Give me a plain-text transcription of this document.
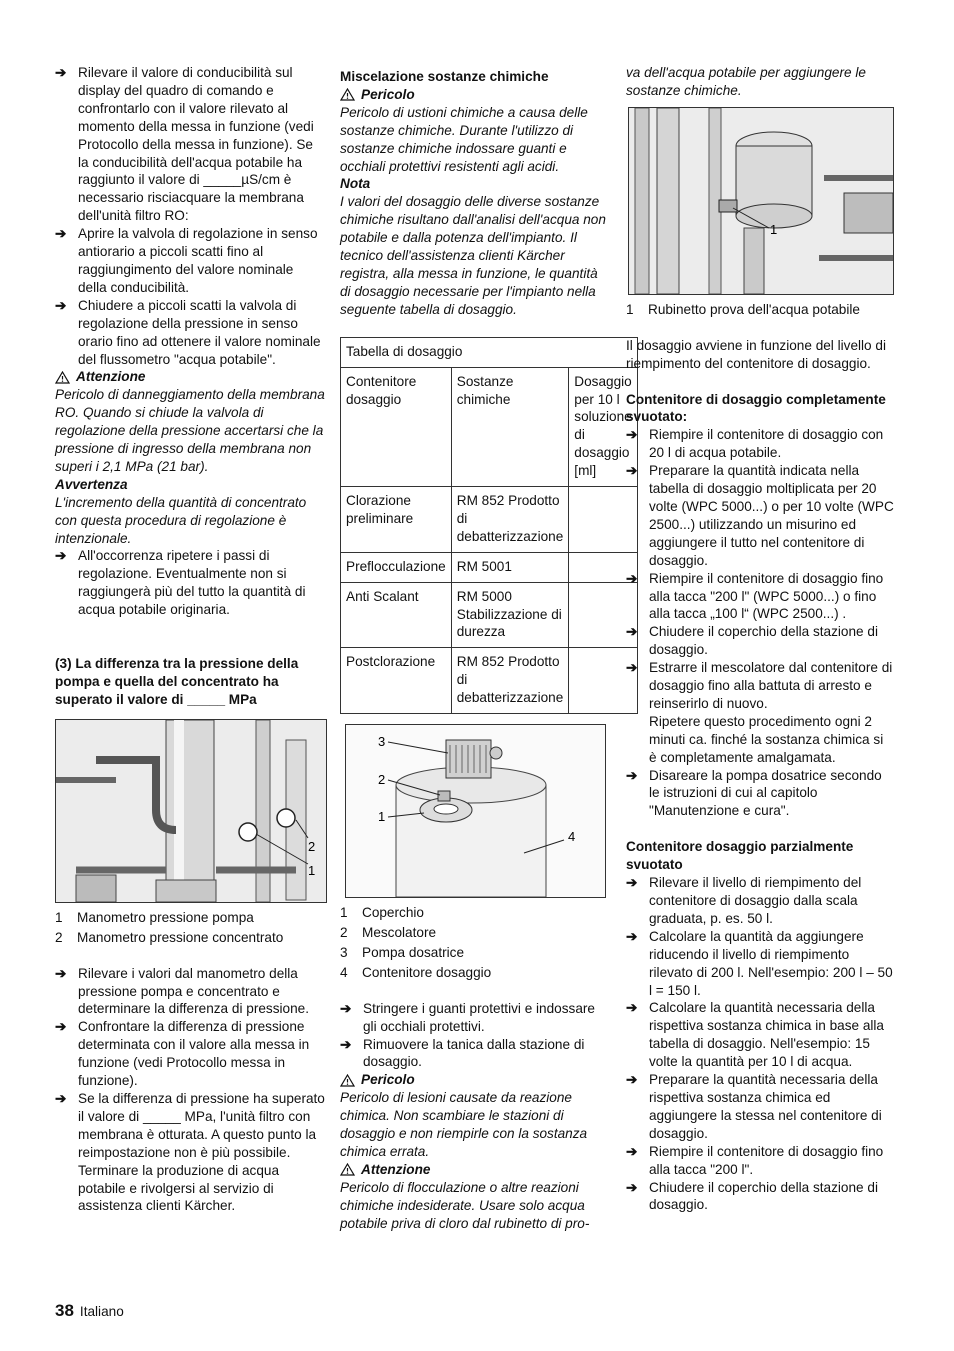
➔ Rilevare il valore di conducibilità sul display del quadro di comando e confrontarlo con il valore rilevato al momento della messa in funzione (vedi Protocollo della messa in funzione). Se la conducibilità dell'acqua potabile ha raggiunto il valore di _____µS/cm è necessario risciacquare la membrana dell'unità filtro RO:
➔ Aprire la valvola di regolazione in senso antiorario a piccoli scatti fino al raggiungimento del valore nominale della conducibilità.
➔ Chiudere a piccoli scatti la valvola di regolazione della pressione in senso orario fino ad ottenere il valore nominale del flussometro "acqua potabile".
Attenzione

Pericolo di danneggiamento della membrana RO. Quando si chiude la valvola di regolazione della pressione accertarsi che la pressione di ingresso della membrana non superi i 2,1 MPa (21 bar).

Avvertenza

L'incremento della quantità di concentrato con questa procedura di regolazione è intenzionale.

➔ All'occorrenza ripetere i passi di regolazione. Eventualmente non si raggiungerà più del tutto la quantità di acqua potabile originaria.

(3) La differenza tra la pressione della pompa e quella del concentrato ha superato il valore di _____ MPa

2
1
1	Manometro pressione pompa
2	Manometro pressione concentrato
➔ Rilevare i valori dal manometro della pressione pompa e concentrato e determinare la differenza di pressione.
➔ Confrontare la differenza di pressione determinata con il valore alla messa in funzione (vedi Protocollo messa in funzione).
➔ Se la differenza di pressione ha superato il valore di _____ MPa, l'unità filtro con membrana è otturata. A questo punto la reimpostazione non è più possibile. Terminare la produzione di acqua potabile e rivolgersi al servizio di assistenza clienti Kärcher.

Miscelazione sostanze chimiche

Pericolo

Pericolo di ustioni chimiche a causa delle sostanze chimiche. Durante l'utilizzo di sostanze chimiche indossare guanti e occhiali protettivi resistenti agli acidi.

Nota

I valori del dosaggio delle diverse sostanze chimiche risultano dall'analisi dell'acqua non potabile e dalla potenza dell'impianto. Il tecnico dell'assistenza clienti Kärcher registra, alla messa in funzione, le quantità di dosaggio necessarie per l'impianto nella seguente tabella di dosaggio.

Tabella di dosaggio		
Contenitore dosaggio	Sostanze chimiche	Dosaggio per 10 l soluzione di dosaggio [ml]
Clorazione preliminare	RM 852 Prodotto di debatterizzazione	
Preflocculazione	RM 5001	
Anti Scalant	RM 5000 Stabilizzazione di durezza	
Postclorazione	RM 852 Prodotto di debatterizzazione	
3
2
1
4
1	Coperchio
2	Mescolatore
3	Pompa dosatrice
4	Contenitore dosaggio
➔ Stringere i guanti protettivi e indossare gli occhiali protettivi.
➔ Rimuovere la tanica dalla stazione di dosaggio.
Pericolo

Pericolo di lesioni causate da reazione chimica. Non scambiare le stazioni di dosaggio e non riempirle con la sostanza chimica errata.

Attenzione

Pericolo di flocculazione o altre reazioni chimiche indesiderate. Usare solo acqua potabile priva di cloro dal rubinetto di pro-

va dell'acqua potabile per aggiungere le sostanze chimiche.

1
1	Rubinetto prova dell'acqua potabile

Il dosaggio avviene in funzione del livello di riempimento del contenitore di dosaggio.

Contenitore di dosaggio completamente svuotato:

➔ Riempire il contenitore di dosaggio con 20 l di acqua potabile.
➔ Preparare la quantità indicata nella tabella di dosaggio moltiplicata per 20 volte (WPC 5000...) o per 10 volte (WPC 2500...) utilizzando un misurino ed aggiungere il tutto nel contenitore di dosaggio.
➔ Riempire il contenitore di dosaggio fino alla tacca "200 l" (WPC 5000...) o fino alla tacca „100 l“ (WPC 2500...) .
➔ Chiudere il coperchio della stazione di dosaggio.
➔ Estrarre il mescolatore dal contenitore di dosaggio fino alla battuta di arresto e reinserirlo di nuovo.

Ripetere questo procedimento ogni 2 minuti ca. finché la sostanza chimica si è completamente amalgamata.

➔ Disareare la pompa dosatrice secondo le istruzioni di cui al capitolo "Manutenzione e cura".

Contenitore dosaggio parzialmente svuotato

➔ Rilevare il livello di riempimento del contenitore di dosaggio dalla scala graduata, p. es. 50 l.
➔ Calcolare la quantità da aggiungere riducendo il livello di riempimento rilevato di 200 l. Nell'esempio: 200 l – 50 l = 150 l.
➔ Calcolare la quantità necessaria della rispettiva sostanza chimica in base alla tabella di dosaggio. Nell'esempio: 15 volte la quantità per 10 l di acqua.
➔ Preparare la quantità necessaria della rispettiva sostanza chimica ed aggiungere la stessa nel contenitore di dosaggio.
➔ Riempire il contenitore di dosaggio fino alla tacca "200 l".
➔ Chiudere il coperchio della stazione di dosaggio.
38 Italiano
